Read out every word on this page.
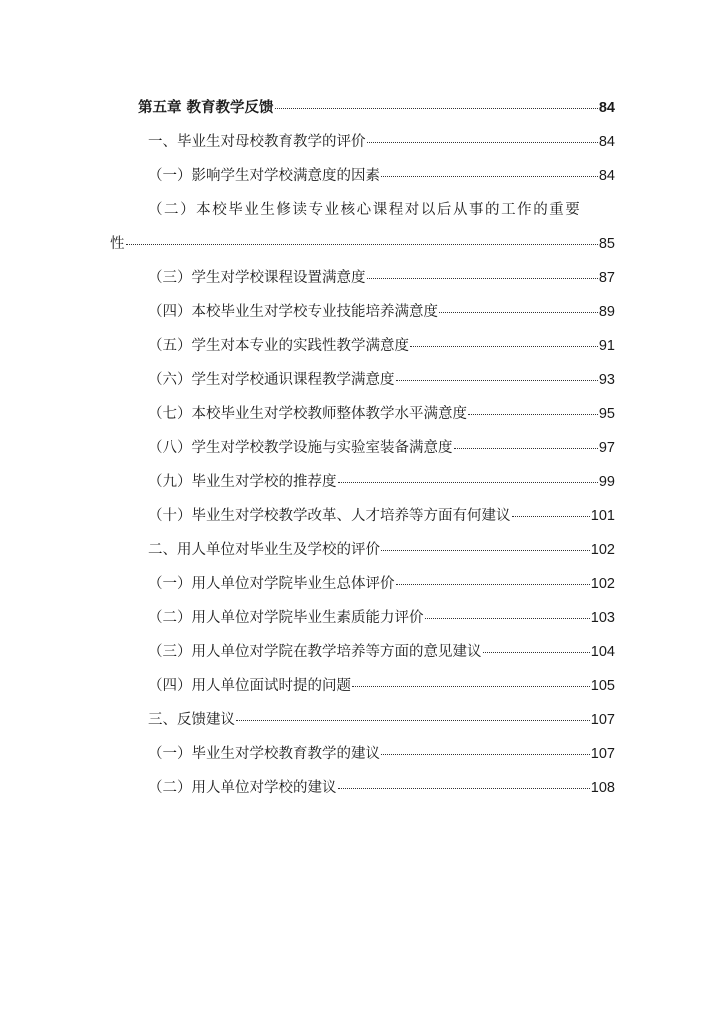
第五章 教育教学反馈	84
一、毕业生对母校教育教学的评价	84
（一）影响学生对学校满意度的因素	84
（二）本校毕业生修读专业核心课程对以后从事的工作的重要
性	85
（三）学生对学校课程设置满意度	87
（四）本校毕业生对学校专业技能培养满意度	89
（五）学生对本专业的实践性教学满意度	91
（六）学生对学校通识课程教学满意度	93
（七）本校毕业生对学校教师整体教学水平满意度	95
（八）学生对学校教学设施与实验室装备满意度	97
（九）毕业生对学校的推荐度	99
（十）毕业生对学校教学改革、人才培养等方面有何建议	101
二、用人单位对毕业生及学校的评价	102
（一）用人单位对学院毕业生总体评价	102
（二）用人单位对学院毕业生素质能力评价	103
（三）用人单位对学院在教学培养等方面的意见建议	104
（四）用人单位面试时提的问题	105
三、反馈建议	107
（一）毕业生对学校教育教学的建议	107
（二）用人单位对学校的建议	108
